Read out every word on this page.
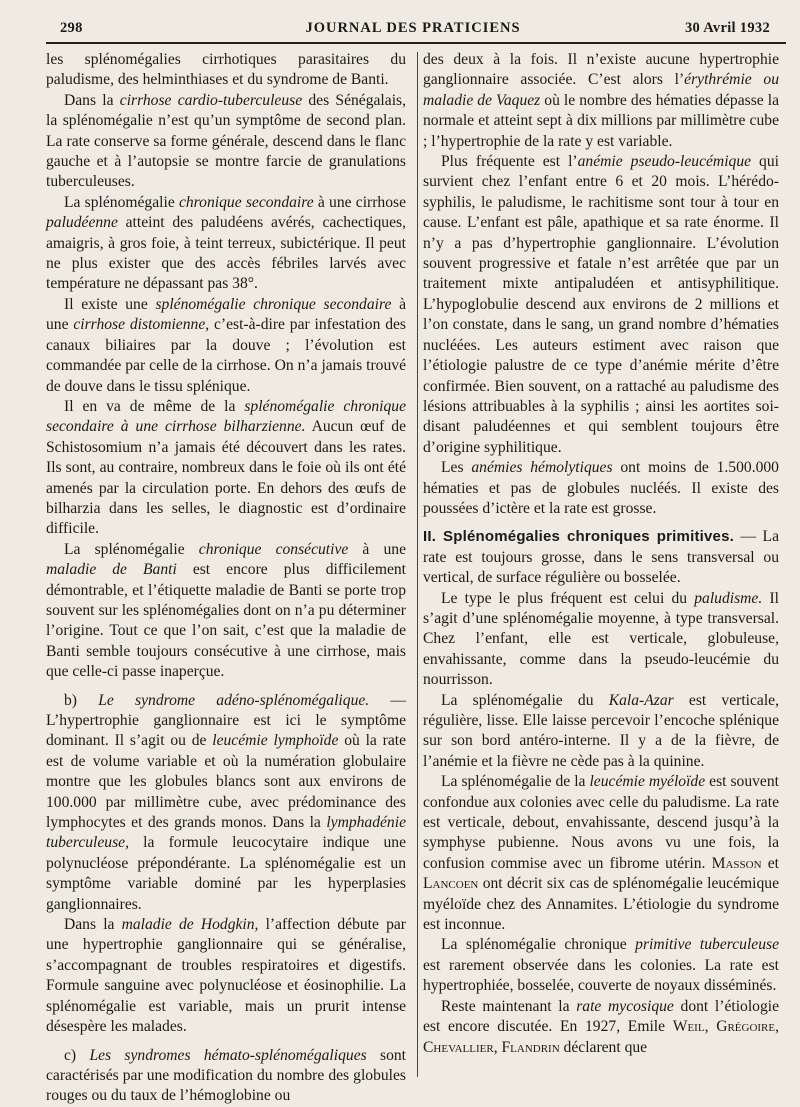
298	JOURNAL DES PRATICIENS	30 Avril 1932

les splénomégalies cirrhotiques parasitaires du paludisme, des helminthiases et du syndrome de Banti.

Dans la cirrhose cardio-tuberculeuse des Sénégalais, la splénomégalie n’est qu’un symptôme de second plan. La rate conserve sa forme générale, descend dans le flanc gauche et à l’autopsie se montre farcie de granulations tuberculeuses.

La splénomégalie chronique secondaire à une cirrhose paludéenne atteint des paludéens avérés, cachectiques, amaigris, à gros foie, à teint terreux, subictérique. Il peut ne plus exister que des accès fébriles larvés avec température ne dépassant pas 38°.

Il existe une splénomégalie chronique secondaire à une cirrhose distomienne, c’est-à-dire par infestation des canaux biliaires par la douve ; l’évolution est commandée par celle de la cirrhose. On n’a jamais trouvé de douve dans le tissu splénique.

Il en va de même de la splénomégalie chronique secondaire à une cirrhose bilharzienne. Aucun œuf de Schistosomium n’a jamais été découvert dans les rates. Ils sont, au contraire, nombreux dans le foie où ils ont été amenés par la circulation porte. En dehors des œufs de bilharzia dans les selles, le diagnostic est d’ordinaire difficile.

La splénomégalie chronique consécutive à une maladie de Banti est encore plus difficilement démontrable, et l’étiquette maladie de Banti se porte trop souvent sur les splénomégalies dont on n’a pu déterminer l’origine. Tout ce que l’on sait, c’est que la maladie de Banti semble toujours consécutive à une cirrhose, mais que celle-ci passe inaperçue.

b) Le syndrome adéno-splénomégalique. — L’hypertrophie ganglionnaire est ici le symptôme dominant. Il s’agit ou de leucémie lymphoïde où la rate est de volume variable et où la numération globulaire montre que les globules blancs sont aux environs de 100.000 par millimètre cube, avec prédominance des lymphocytes et des grands monos. Dans la lymphadénie tuberculeuse, la formule leucocytaire indique une polynucléose prépondérante. La splénomégalie est un symptôme variable dominé par les hyperplasies ganglionnaires.

Dans la maladie de Hodgkin, l’affection débute par une hypertrophie ganglionnaire qui se généralise, s’accompagnant de troubles respiratoires et digestifs. Formule sanguine avec polynucléose et éosinophilie. La splénomégalie est variable, mais un prurit intense désespère les malades.

c) Les syndromes hémato-splénomégaliques sont caractérisés par une modification du nombre des globules rouges ou du taux de l’hémoglobine ou

des deux à la fois. Il n’existe aucune hypertrophie ganglionnaire associée. C’est alors l’érythrémie ou maladie de Vaquez où le nombre des hématies dépasse la normale et atteint sept à dix millions par millimètre cube ; l’hypertrophie de la rate y est variable.

Plus fréquente est l’anémie pseudo-leucémique qui survient chez l’enfant entre 6 et 20 mois. L’hérédo-syphilis, le paludisme, le rachitisme sont tour à tour en cause. L’enfant est pâle, apathique et sa rate énorme. Il n’y a pas d’hypertrophie ganglionnaire. L’évolution souvent progressive et fatale n’est arrêtée que par un traitement mixte antipaludéen et antisyphilitique. L’hypoglobulie descend aux environs de 2 millions et l’on constate, dans le sang, un grand nombre d’hématies nucléées. Les auteurs estiment avec raison que l’étiologie palustre de ce type d’anémie mérite d’être confirmée. Bien souvent, on a rattaché au paludisme des lésions attribuables à la syphilis ; ainsi les aortites soi-disant paludéennes et qui semblent toujours être d’origine syphilitique.

Les anémies hémolytiques ont moins de 1.500.000 hématies et pas de globules nucléés. Il existe des poussées d’ictère et la rate est grosse.

II. Splénomégalies chroniques primitives. — La rate est toujours grosse, dans le sens transversal ou vertical, de surface régulière ou bosselée.

Le type le plus fréquent est celui du paludisme. Il s’agit d’une splénomégalie moyenne, à type transversal. Chez l’enfant, elle est verticale, globuleuse, envahissante, comme dans la pseudo-leucémie du nourrisson.

La splénomégalie du Kala-Azar est verticale, régulière, lisse. Elle laisse percevoir l’encoche splénique sur son bord antéro-interne. Il y a de la fièvre, de l’anémie et la fièvre ne cède pas à la quinine.

La splénomégalie de la leucémie myéloïde est souvent confondue aux colonies avec celle du paludisme. La rate est verticale, debout, envahissante, descend jusqu’à la symphyse pubienne. Nous avons vu une fois, la confusion commise avec un fibrome utérin. Masson et Lancoen ont décrit six cas de splénomégalie leucémique myéloïde chez des Annamites. L’étiologie du syndrome est inconnue.

La splénomégalie chronique primitive tuberculeuse est rarement observée dans les colonies. La rate est hypertrophiée, bosselée, couverte de noyaux disséminés.

Reste maintenant la rate mycosique dont l’étiologie est encore discutée. En 1927, Emile Weil, Grégoire, Chevallier, Flandrin déclarent que
